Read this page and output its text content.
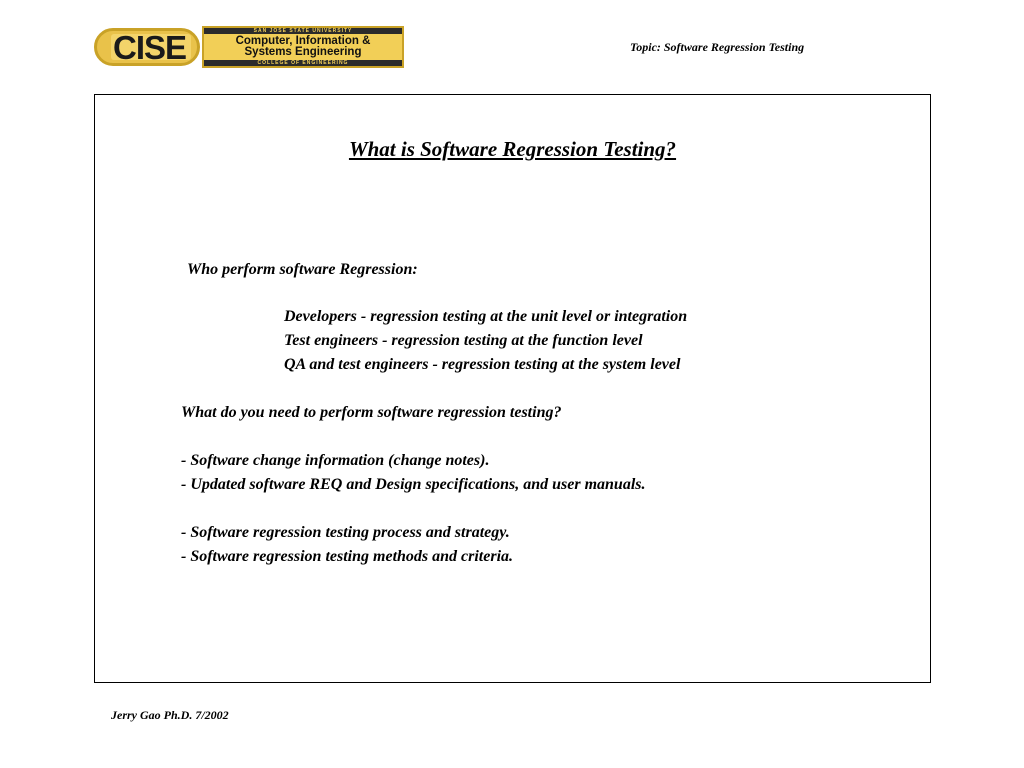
CISE	SAN JOSE STATE UNIVERSITY
Computer, Information &
Systems Engineering
COLLEGE OF ENGINEERING
Topic: Software Regression Testing
What is Software Regression Testing?
Who perform software Regression:
Developers - regression testing at the unit level or integration
Test engineers - regression testing at the function level
QA and test engineers - regression testing at the system level
What do you need to perform software regression testing?
- Software change information (change notes).
- Updated software REQ and Design specifications, and user manuals.
- Software regression testing process and strategy.
- Software regression testing methods and criteria.
Jerry Gao Ph.D. 7/2002
